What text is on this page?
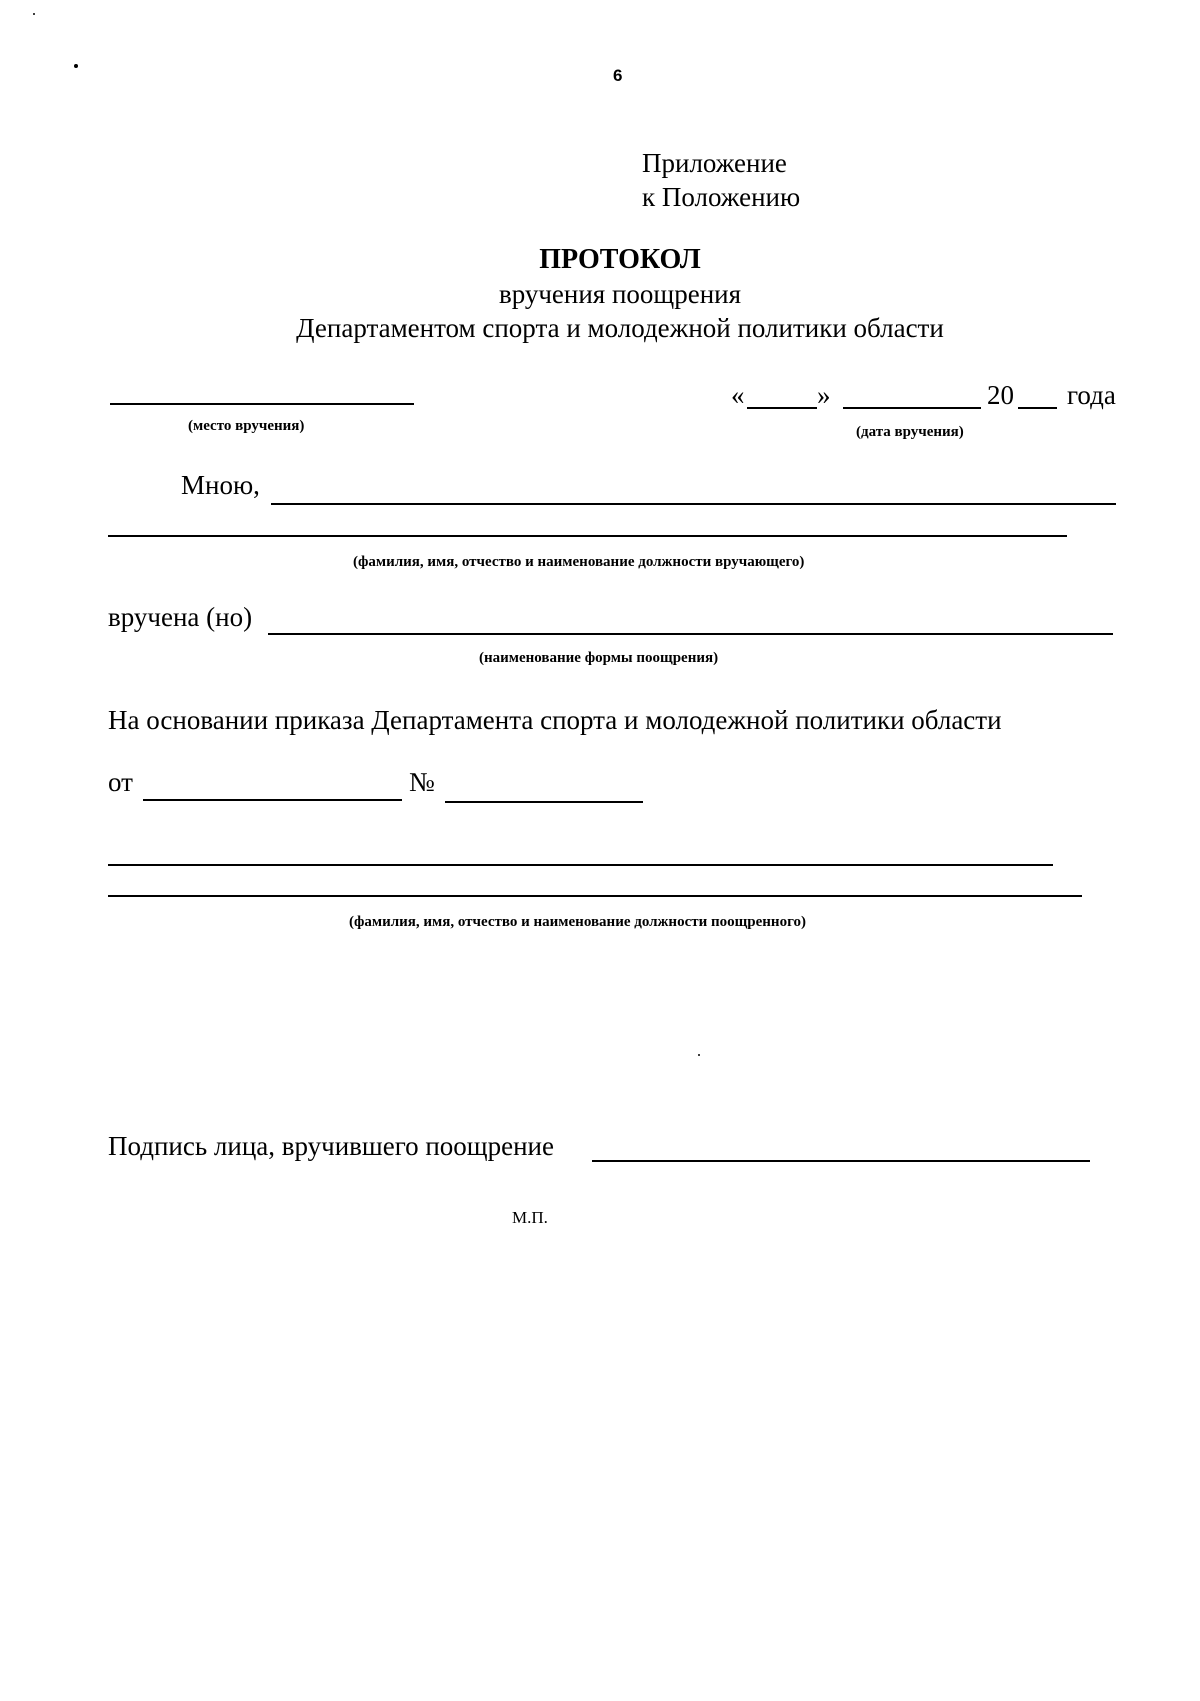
6
Приложение
к Положению
ПРОТОКОЛ
вручения поощрения
Департаментом спорта и молодежной политики области
(место вручения)
«	»	20 года
(дата вручения)
Мною,
(фамилия, имя, отчество и наименование должности вручающего)
вручена (но)
(наименование формы поощрения)
На основании приказа Департамента спорта и молодежной политики области
от	№
(фамилия, имя, отчество и наименование должности поощренного)
Подпись лица, вручившего поощрение
М.П.
